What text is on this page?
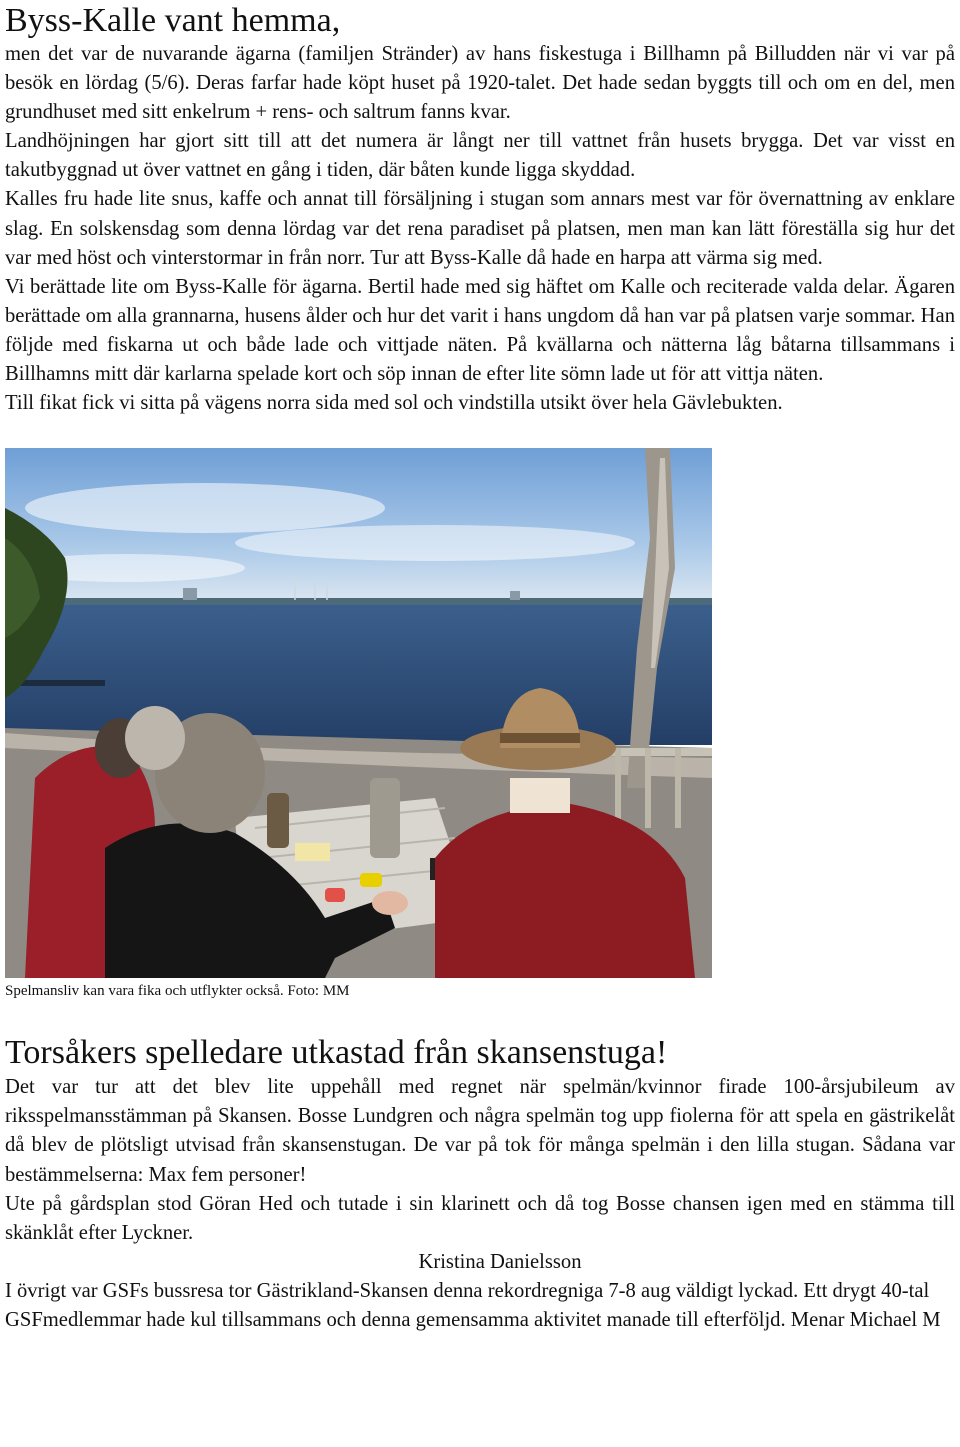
Byss-Kalle vant hemma,

men det var de nuvarande ägarna (familjen Stränder) av hans fiskestuga i Billhamn på Billudden när vi var på besök en lördag (5/6). Deras farfar hade köpt huset på 1920-talet. Det hade sedan byggts till och om en del, men grundhuset med sitt enkelrum + rens- och saltrum fanns kvar.

Landhöjningen har gjort sitt till att det numera är långt ner till vattnet från husets brygga. Det var visst en takutbyggnad ut över vattnet en gång i tiden, där båten kunde ligga skyddad.

Kalles fru hade lite snus, kaffe och annat till försäljning i stugan som annars mest var för övernattning av enklare slag. En solskensdag som denna lördag var det rena paradiset på platsen, men man kan lätt föreställa sig hur det var med höst och vinterstormar in från norr. Tur att Byss-Kalle då hade en harpa att värma sig med.

Vi berättade lite om Byss-Kalle för ägarna. Bertil hade med sig häftet om Kalle och reciterade valda delar. Ägaren berättade om alla grannarna, husens ålder och hur det varit i hans ungdom då han var på platsen varje sommar. Han följde med fiskarna ut och både lade och vittjade näten. På kvällarna och nätterna låg båtarna tillsammans i Billhamns mitt där karlarna spelade kort och söp innan de efter lite sömn lade ut för att vittja näten.

Till fikat fick vi sitta på vägens norra sida med sol och vindstilla utsikt över hela Gävlebukten.

Spelmansliv kan vara fika och utflykter också. Foto: MM
Torsåkers spelledare utkastad från skansenstuga!

Det var tur att det blev lite uppehåll med regnet när spelmän/kvinnor firade 100-årsjubileum av riksspelmansstämman på Skansen. Bosse Lundgren och några spelmän tog upp fiolerna för att spela en gästrikelåt då blev de plötsligt utvisad från skansenstugan. De var på tok för många spelmän i den lilla stugan. Sådana var bestämmelserna: Max fem personer!

Ute på gårdsplan stod Göran Hed och tutade i sin klarinett och då tog Bosse chansen igen med en stämma till skänklåt efter Lyckner.

Kristina Danielsson

I övrigt var GSFs bussresa tor Gästrikland-Skansen denna rekordregniga 7-8 aug väldigt lyckad. Ett drygt 40-tal GSFmedlemmar hade kul tillsammans och denna gemensamma aktivitet manade till efterföljd. Menar Michael M
